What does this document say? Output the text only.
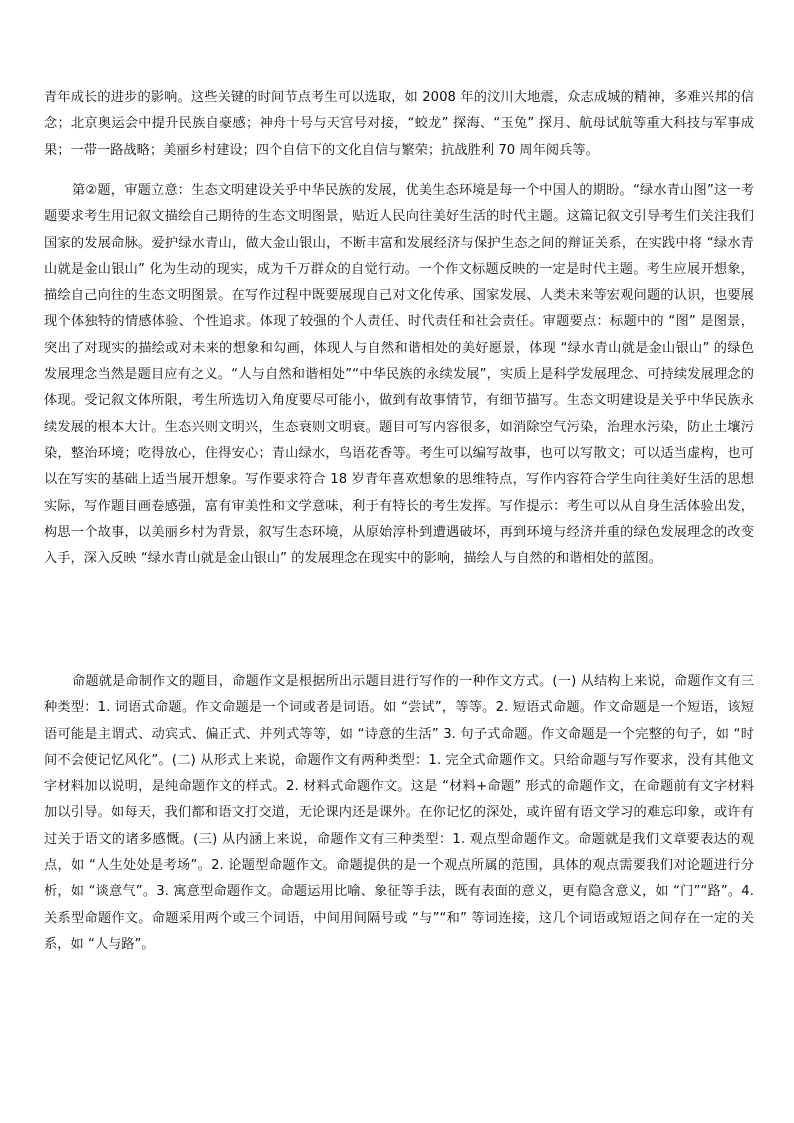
青年成长的进步的影响。这些关键的时间节点考生可以选取，如 2008 年的汶川大地震，众志成城的精神，多难兴邦的信念；北京奥运会中提升民族自豪感；神舟十号与天宫号对接，“蛟龙” 探海、“玉兔” 探月、航母试航等重大科技与军事成果；一带一路战略；美丽乡村建设；四个自信下的文化自信与繁荣；抗战胜利 70 周年阅兵等。

第②题，审题立意：生态文明建设关乎中华民族的发展，优美生态环境是每一个中国人的期盼。“绿水青山图”这一考题要求考生用记叙文描绘自己期待的生态文明图景，贴近人民向往美好生活的时代主题。这篇记叙文引导考生们关注我们国家的发展命脉。爱护绿水青山，做大金山银山，不断丰富和发展经济与保护生态之间的辩证关系，在实践中将 “绿水青山就是金山银山” 化为生动的现实，成为千万群众的自觉行动。一个作文标题反映的一定是时代主题。考生应展开想象，描绘自己向往的生态文明图景。在写作过程中既要展现自己对文化传承、国家发展、人类未来等宏观问题的认识，也要展现个体独特的情感体验、个性追求。体现了较强的个人责任、时代责任和社会责任。审题要点：标题中的 “图” 是图景，突出了对现实的描绘或对未来的想象和勾画，体现人与自然和谐相处的美好愿景，体现 “绿水青山就是金山银山” 的绿色发展理念当然是题目应有之义。“人与自然和谐相处”“中华民族的永续发展”，实质上是科学发展理念、可持续发展理念的体现。受记叙文体所限，考生所选切入角度要尽可能小，做到有故事情节，有细节描写。生态文明建设是关乎中华民族永续发展的根本大计。生态兴则文明兴，生态衰则文明衰。题目可写内容很多，如消除空气污染，治理水污染，防止土壤污染，整治环境；吃得放心，住得安心；青山绿水，鸟语花香等。考生可以编写故事，也可以写散文；可以适当虚构，也可以在写实的基础上适当展开想象。写作要求符合 18 岁青年喜欢想象的思维特点，写作内容符合学生向往美好生活的思想实际，写作题目画卷感强，富有审美性和文学意味，利于有特长的考生发挥。写作提示：考生可以从自身生活体验出发，构思一个故事，以美丽乡村为背景，叙写生态环境，从原始淳朴到遭遇破坏，再到环境与经济并重的绿色发展理念的改变入手，深入反映 “绿水青山就是金山银山” 的发展理念在现实中的影响，描绘人与自然的和谐相处的蓝图。

命题就是命制作文的题目，命题作文是根据所出示题目进行写作的一种作文方式。(一) 从结构上来说，命题作文有三种类型：1. 词语式命题。作文命题是一个词或者是词语。如 “尝试”，等等。2. 短语式命题。作文命题是一个短语，该短语可能是主谓式、动宾式、偏正式、并列式等等，如 “诗意的生活” 3. 句子式命题。作文命题是一个完整的句子，如 “时间不会使记忆风化”。(二) 从形式上来说，命题作文有两种类型：1. 完全式命题作文。只给命题与写作要求，没有其他文字材料加以说明，是纯命题作文的样式。2. 材料式命题作文。这是 “材料+命题” 形式的命题作文，在命题前有文字材料加以引导。如每天，我们都和语文打交道，无论课内还是课外。在你记忆的深处，或许留有语文学习的难忘印象，或许有过关于语文的诸多感慨。(三) 从内涵上来说，命题作文有三种类型：1. 观点型命题作文。命题就是我们文章要表达的观点，如 “人生处处是考场”。2. 论题型命题作文。命题提供的是一个观点所属的范围，具体的观点需要我们对论题进行分析，如 “谈意气”。3. 寓意型命题作文。命题运用比喻、象征等手法，既有表面的意义，更有隐含意义，如 “门”“路”。4. 关系型命题作文。命题采用两个或三个词语，中间用间隔号或 “与”“和” 等词连接，这几个词语或短语之间存在一定的关系，如 “人与路”。
